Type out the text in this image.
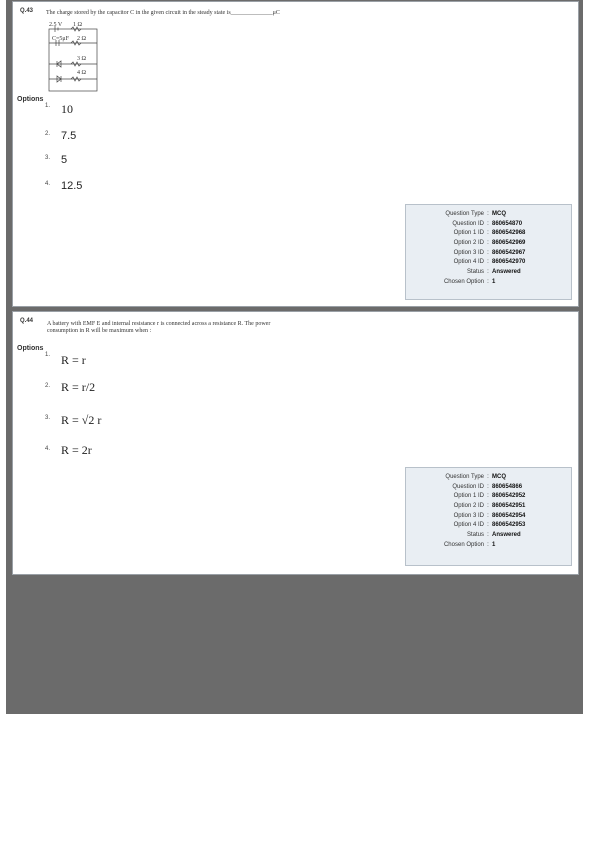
Q.43 The charge stored by the capacitor C in the given circuit in the steady state is______________μC
2.5 V 1 Ω
C=5μF 2 Ω
3 Ω
4 Ω
Options
1. 10
2. 7.5
3. 5
4. 12.5
Question Type : MCQ
Question ID : 860654870
Option 1 ID : 8606542968
Option 2 ID : 8606542969
Option 3 ID : 8606542967
Option 4 ID : 8606542970
Status : Answered
Chosen Option : 1
Q.44 A battery with EMF E and internal resistance r is connected across a resistance R. The power
consumption in R will be maximum when :
Options
1. R = r
2. R = r/2
3. R = √2 r
4. R = 2r
Question Type : MCQ
Question ID : 860654866
Option 1 ID : 8606542952
Option 2 ID : 8606542951
Option 3 ID : 8606542954
Option 4 ID : 8606542953
Status : Answered
Chosen Option : 1
